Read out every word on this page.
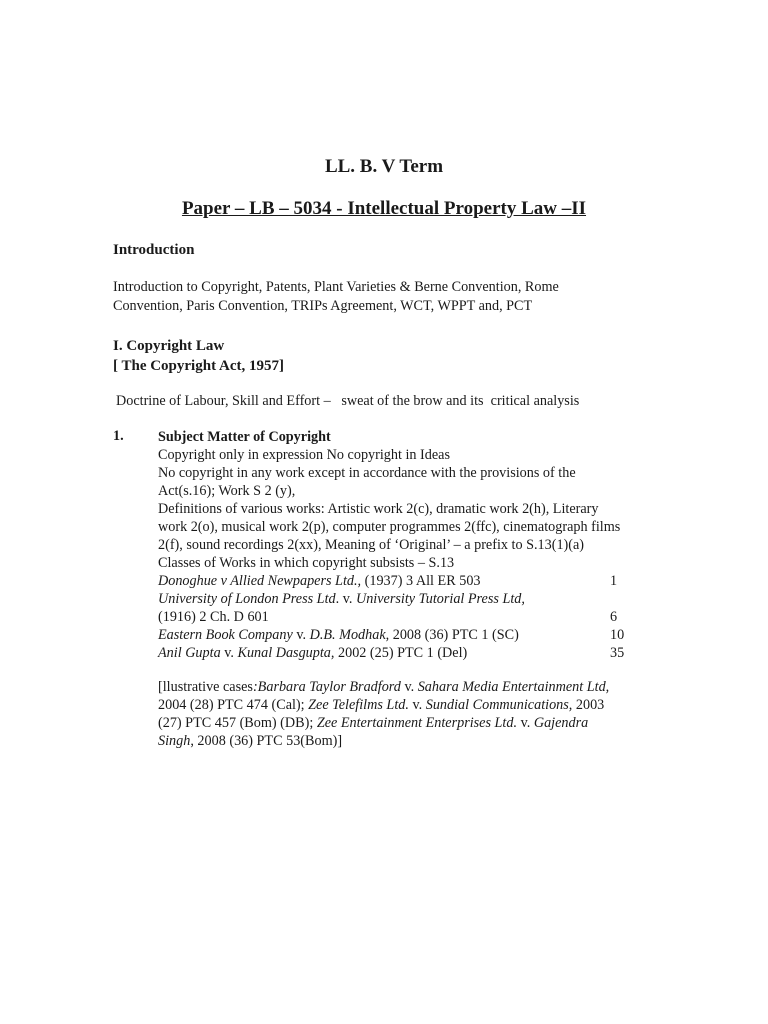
LL. B. V Term
Paper – LB – 5034 - Intellectual Property Law –II
Introduction

Introduction to Copyright, Patents, Plant Varieties & Berne Convention, Rome
Convention, Paris Convention, TRIPs Agreement, WCT, WPPT and, PCT

I. Copyright Law
[ The Copyright Act, 1957]

Doctrine of Labour, Skill and Effort –   sweat of the brow and its  critical analysis

1. Subject Matter of Copyright
Copyright only in expression No copyright in Ideas
No copyright in any work except in accordance with the provisions of the
Act(s.16); Work S 2 (y),
Definitions of various works: Artistic work 2(c), dramatic work 2(h), Literary
work 2(o), musical work 2(p), computer programmes 2(ffc), cinematograph films
2(f), sound recordings 2(xx), Meaning of ‘Original’ – a prefix to S.13(1)(a)
Classes of Works in which copyright subsists – S.13
Donoghue v Allied Newpapers Ltd., (1937) 3 All ER 503	1
University of London Press Ltd. v. University Tutorial Press Ltd,
(1916) 2 Ch. D 601	6
Eastern Book Company v. D.B. Modhak, 2008 (36) PTC 1 (SC)	10
Anil Gupta v. Kunal Dasgupta, 2002 (25) PTC 1 (Del)	35

[llustrative cases:Barbara Taylor Bradford v. Sahara Media Entertainment Ltd,
2004 (28) PTC 474 (Cal); Zee Telefilms Ltd. v. Sundial Communications, 2003
(27) PTC 457 (Bom) (DB); Zee Entertainment Enterprises Ltd. v. Gajendra
Singh, 2008 (36) PTC 53(Bom)]
